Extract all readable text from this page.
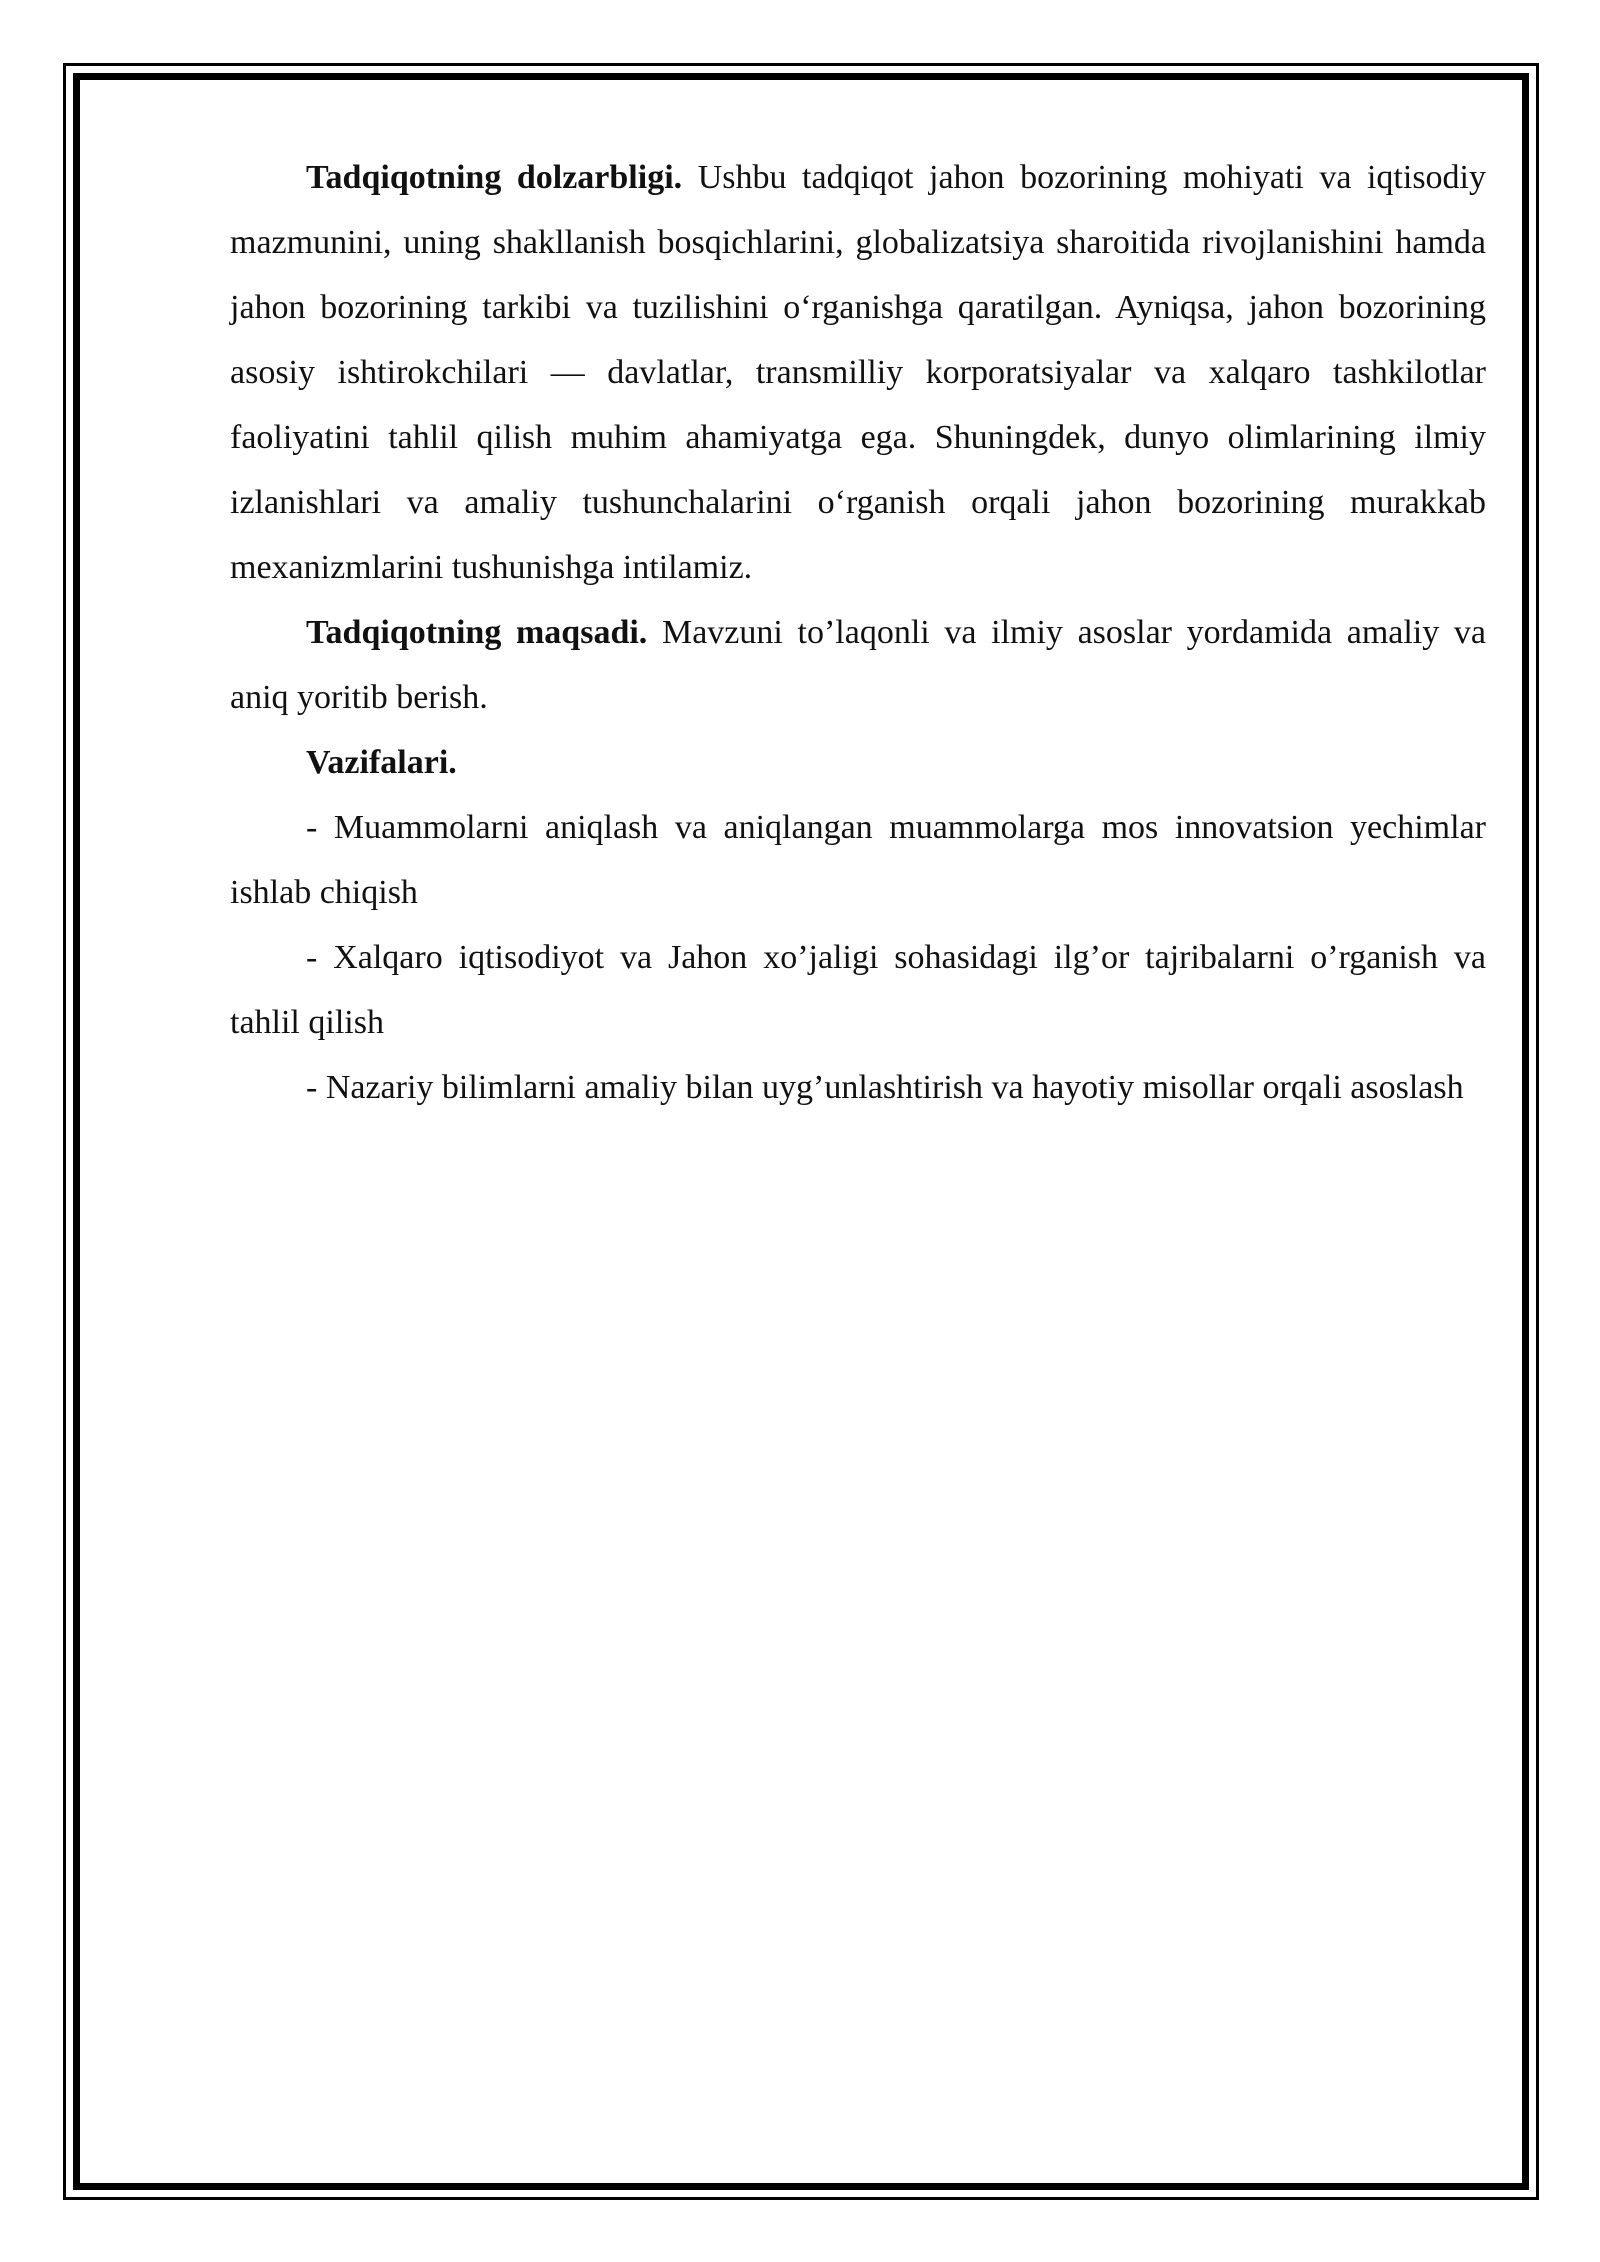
Tadqiqotning dolzarbligi. Ushbu tadqiqot jahon bozorining mohiyati va iqtisodiy mazmunini, uning shakllanish bosqichlarini, globalizatsiya sharoitida rivojlanishini hamda jahon bozorining tarkibi va tuzilishini o‘rganishga qaratilgan. Ayniqsa, jahon bozorining asosiy ishtirokchilari — davlatlar, transmilliy korporatsiyalar va xalqaro tashkilotlar faoliyatini tahlil qilish muhim ahamiyatga ega. Shuningdek, dunyo olimlarining ilmiy izlanishlari va amaliy tushunchalarini o‘rganish orqali jahon bozorining murakkab mexanizmlarini tushunishga intilamiz.

Tadqiqotning maqsadi. Mavzuni to’laqonli va ilmiy asoslar yordamida amaliy va aniq yoritib berish.

Vazifalari.

- Muammolarni aniqlash va aniqlangan muammolarga mos innovatsion yechimlar ishlab chiqish

- Xalqaro iqtisodiyot va Jahon xo’jaligi sohasidagi ilg’or tajribalarni o’rganish va tahlil qilish

- Nazariy bilimlarni amaliy bilan uyg’unlashtirish va hayotiy misollar orqali asoslash
